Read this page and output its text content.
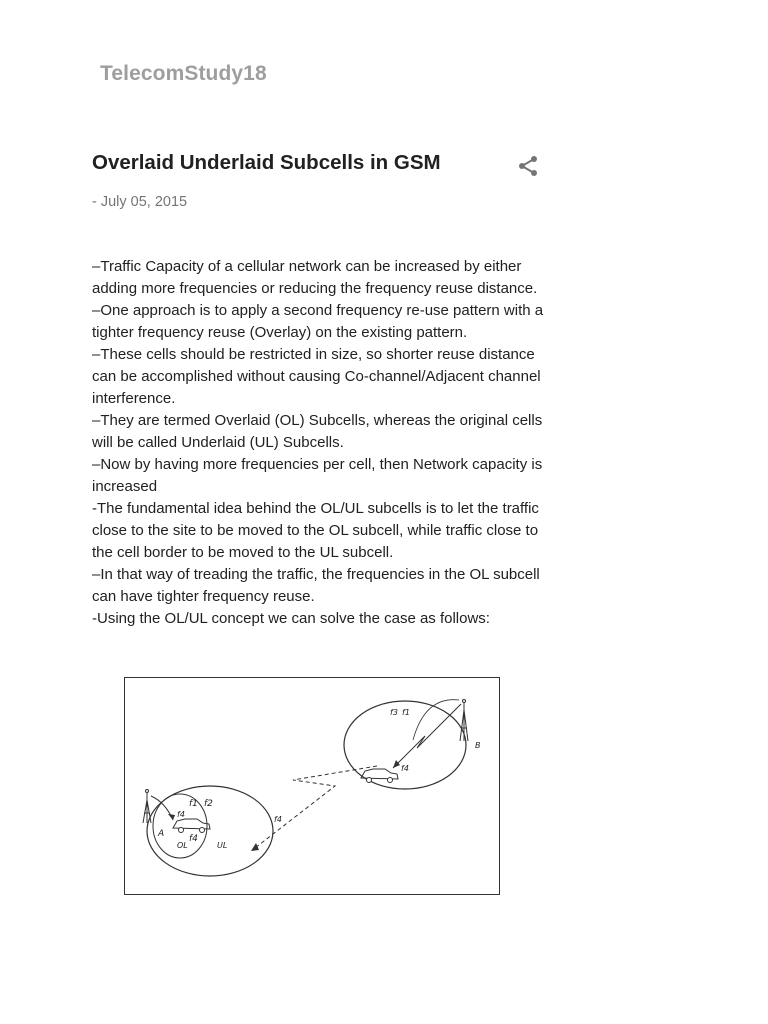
TelecomStudy18
Overlaid Underlaid Subcells in GSM
- July 05, 2015

–Traffic Capacity of a cellular network can be increased by either adding more frequencies or reducing the frequency reuse distance.

–One approach is to apply a second frequency re-use pattern with a tighter frequency reuse (Overlay) on the existing pattern.

–These cells should be restricted in size, so shorter reuse distance can be accomplished without causing Co-channel/Adjacent channel interference.

–They are termed Overlaid (OL) Subcells, whereas the original cells will be called Underlaid (UL) Subcells.

–Now by having more frequencies per cell, then Network capacity is increased

-The fundamental idea behind the OL/UL subcells is to let the traffic close to the site to be moved to the OL subcell, while traffic close to the cell border to be moved to the UL subcell.

–In that way of treading the traffic, the frequencies in the OL subcell can have tighter frequency reuse.

-Using the OL/UL concept we can solve the case as follows:

f1 f2
f4
A	f4
OL	UL
f4
f3 f1
f4
B
